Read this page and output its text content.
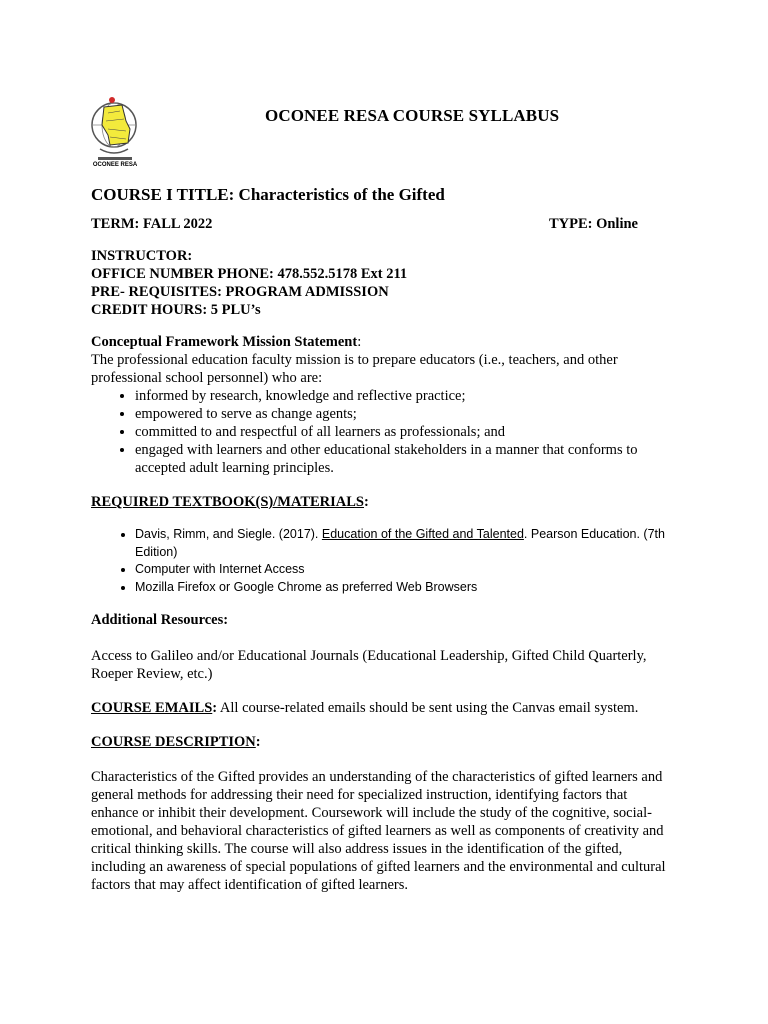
OCONEE RESA
OCONEE RESA COURSE SYLLABUS
COURSE I TITLE: Characteristics of the Gifted
TERM: FALL 2022	TYPE: Online
INSTRUCTOR:
OFFICE NUMBER PHONE: 478.552.5178 Ext 211
PRE- REQUISITES: PROGRAM ADMISSION
CREDIT HOURS: 5 PLU’s

Conceptual Framework Mission Statement:

The professional education faculty mission is to prepare educators (i.e., teachers, and other professional school personnel) who are:

• informed by research, knowledge and reflective practice;
• empowered to serve as change agents;
• committed to and respectful of all learners as professionals; and
• engaged with learners and other educational stakeholders in a manner that conforms to accepted adult learning principles.
REQUIRED TEXTBOOK(S)/MATERIALS:
• Davis, Rimm, and Siegle. (2017). Education of the Gifted and Talented. Pearson Education. (7th Edition)
• Computer with Internet Access
• Mozilla Firefox or Google Chrome as preferred Web Browsers
Additional Resources:

Access to Galileo and/or Educational Journals (Educational Leadership, Gifted Child Quarterly, Roeper Review, etc.)

COURSE EMAILS: All course-related emails should be sent using the Canvas email system.

COURSE DESCRIPTION:

Characteristics of the Gifted provides an understanding of the characteristics of gifted learners and general methods for addressing their need for specialized instruction, identifying factors that enhance or inhibit their development. Coursework will include the study of the cognitive, social-emotional, and behavioral characteristics of gifted learners as well as components of creativity and critical thinking skills. The course will also address issues in the identification of the gifted, including an awareness of special populations of gifted learners and the environmental and cultural factors that may affect identification of gifted learners.
